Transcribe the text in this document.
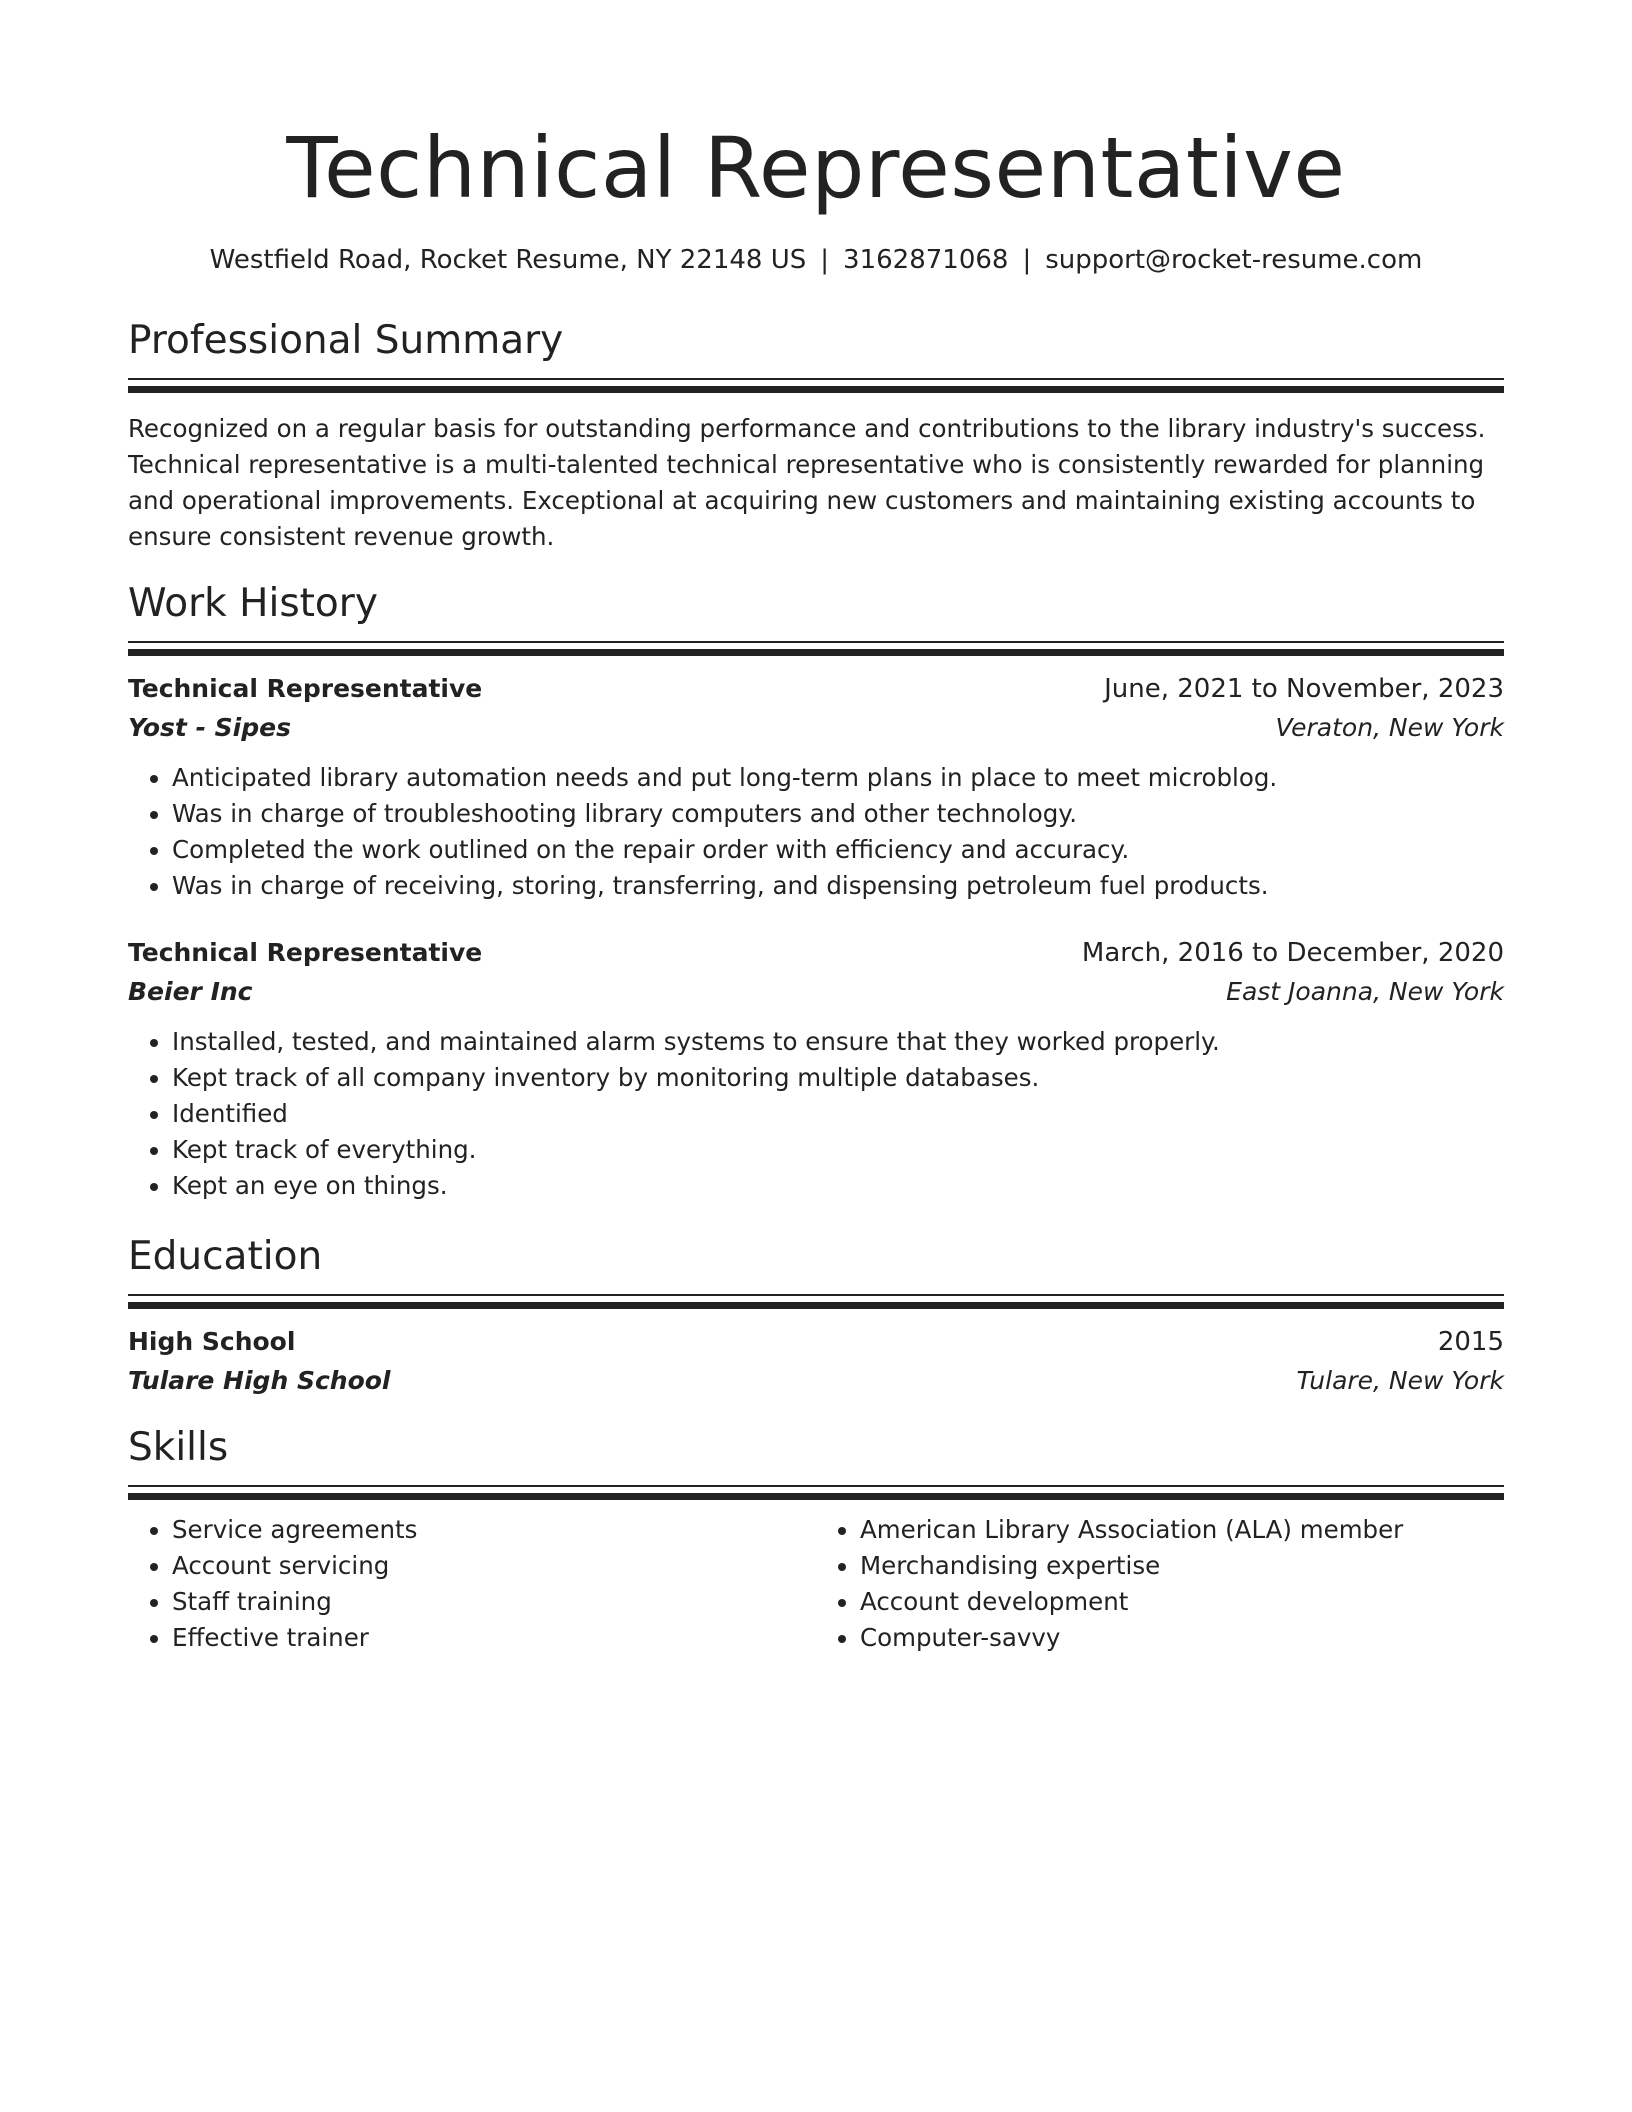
Technical Representative
Westfield Road, Rocket Resume, NY 22148 US | 3162871068 | support@rocket-resume.com
Professional Summary

Recognized on a regular basis for outstanding performance and contributions to the library industry's success. Technical representative is a multi-talented technical representative who is consistently rewarded for planning and operational improvements. Exceptional at acquiring new customers and maintaining existing accounts to ensure consistent revenue growth.

Work History
Technical Representative	June, 2021 to November, 2023
Yost - Sipes	Veraton, New York
• Anticipated library automation needs and put long-term plans in place to meet microblog.
• Was in charge of troubleshooting library computers and other technology.
• Completed the work outlined on the repair order with efficiency and accuracy.
• Was in charge of receiving, storing, transferring, and dispensing petroleum fuel products.
Technical Representative	March, 2016 to December, 2020
Beier Inc	East Joanna, New York
• Installed, tested, and maintained alarm systems to ensure that they worked properly.
• Kept track of all company inventory by monitoring multiple databases.
• Identified
• Kept track of everything.
• Kept an eye on things.
Education
High School	2015
Tulare High School	Tulare, New York
Skills
• Service agreements
• Account servicing
• Staff training
• Effective trainer
• American Library Association (ALA) member
• Merchandising expertise
• Account development
• Computer-savvy
